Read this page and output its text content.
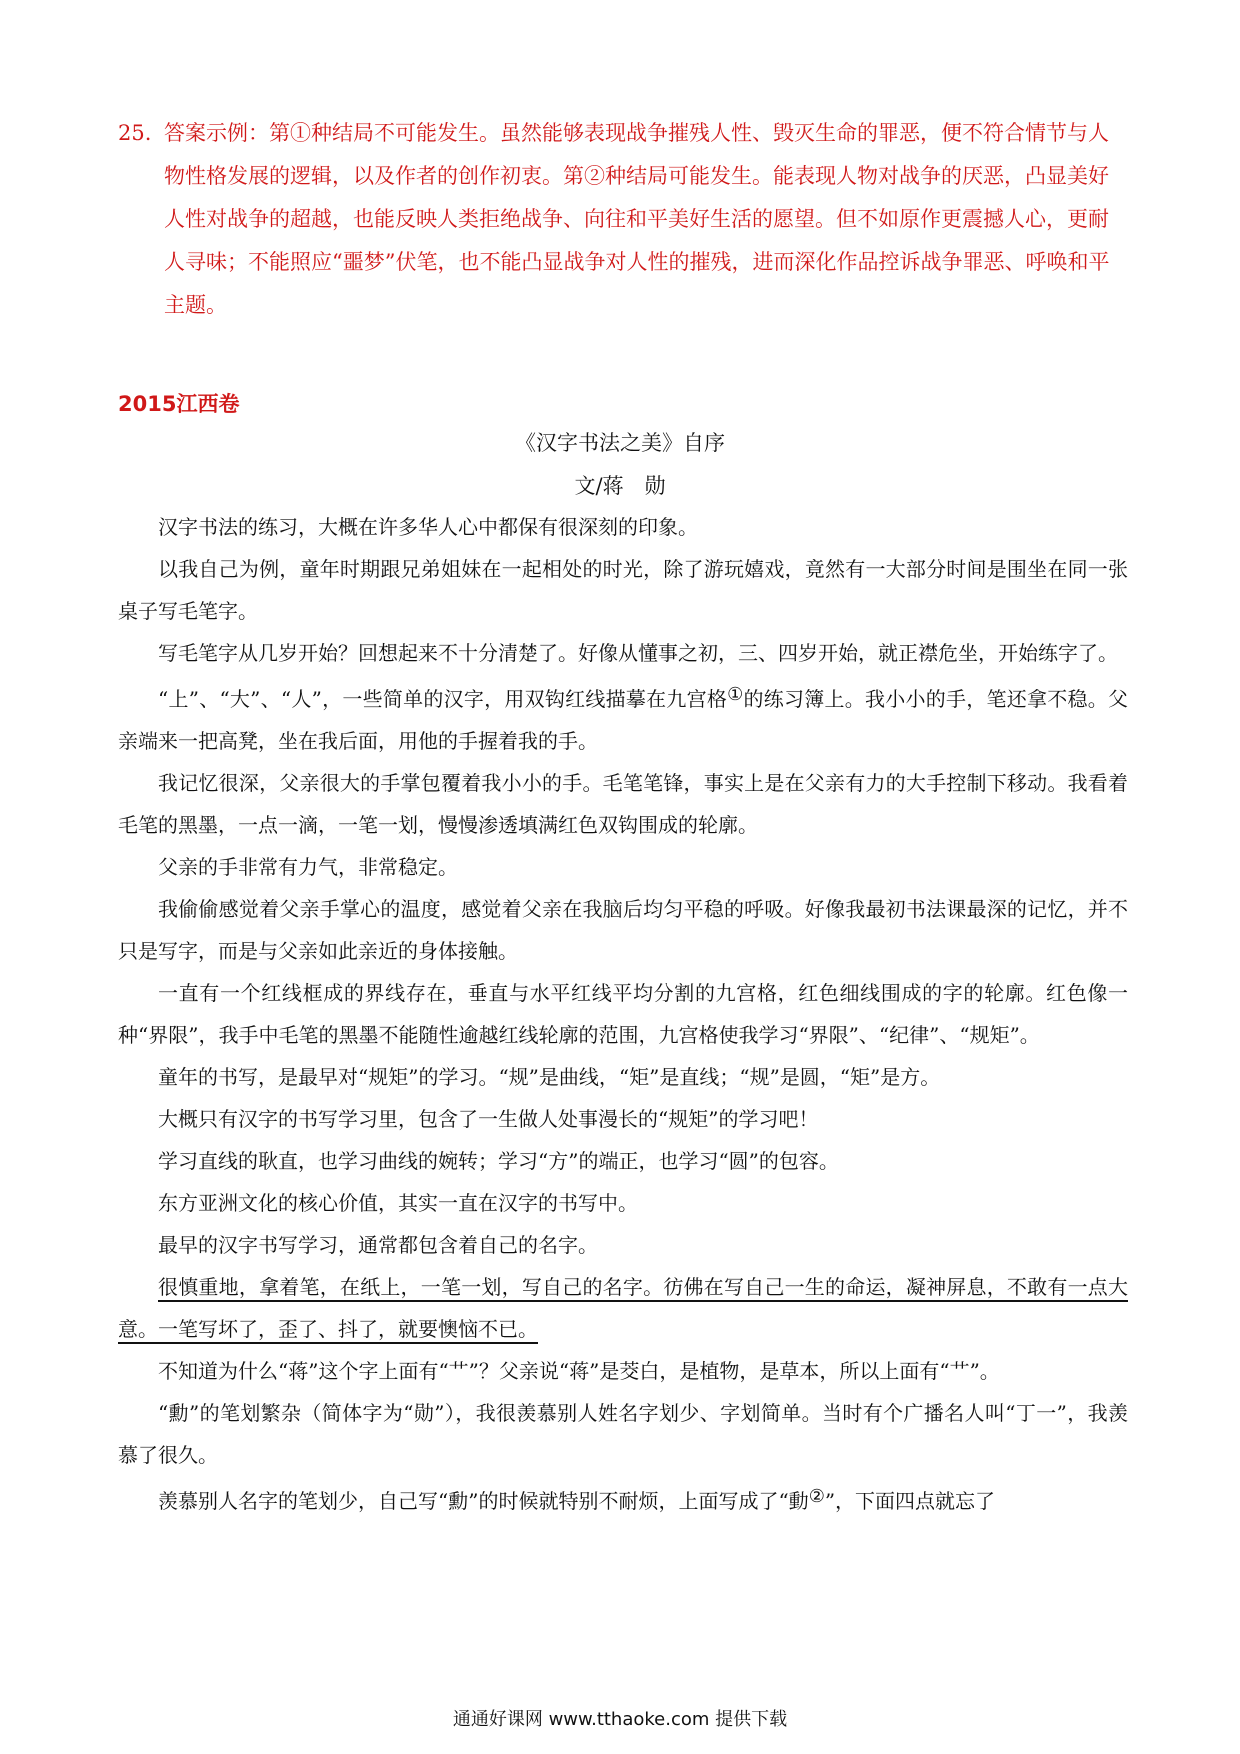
25. 答案示例：第①种结局不可能发生。虽然能够表现战争摧残人性、毁灭生命的罪恶，便不符合情节与人物性格发展的逻辑，以及作者的创作初衷。第②种结局可能发生。能表现人物对战争的厌恶，凸显美好人性对战争的超越，也能反映人类拒绝战争、向往和平美好生活的愿望。但不如原作更震撼人心，更耐人寻味；不能照应“噩梦”伏笔，也不能凸显战争对人性的摧残，进而深化作品控诉战争罪恶、呼唤和平主题。
2015江西卷
《汉字书法之美》自序
文/蒋　勋

汉字书法的练习，大概在许多华人心中都保有很深刻的印象。

以我自己为例，童年时期跟兄弟姐妹在一起相处的时光，除了游玩嬉戏，竟然有一大部分时间是围坐在同一张桌子写毛笔字。

写毛笔字从几岁开始？回想起来不十分清楚了。好像从懂事之初，三、四岁开始，就正襟危坐，开始练字了。

“上”、“大”、“人”，一些简单的汉字，用双钩红线描摹在九宫格①的练习簿上。我小小的手，笔还拿不稳。父亲端来一把高凳，坐在我后面，用他的手握着我的手。

我记忆很深，父亲很大的手掌包覆着我小小的手。毛笔笔锋，事实上是在父亲有力的大手控制下移动。我看着毛笔的黑墨，一点一滴，一笔一划，慢慢渗透填满红色双钩围成的轮廓。

父亲的手非常有力气，非常稳定。

我偷偷感觉着父亲手掌心的温度，感觉着父亲在我脑后均匀平稳的呼吸。好像我最初书法课最深的记忆，并不只是写字，而是与父亲如此亲近的身体接触。

一直有一个红线框成的界线存在，垂直与水平红线平均分割的九宫格，红色细线围成的字的轮廓。红色像一种“界限”，我手中毛笔的黑墨不能随性逾越红线轮廓的范围，九宫格使我学习“界限”、“纪律”、“规矩”。

童年的书写，是最早对“规矩”的学习。“规”是曲线，“矩”是直线；“规”是圆，“矩”是方。

大概只有汉字的书写学习里，包含了一生做人处事漫长的“规矩”的学习吧！

学习直线的耿直，也学习曲线的婉转；学习“方”的端正，也学习“圆”的包容。

东方亚洲文化的核心价值，其实一直在汉字的书写中。

最早的汉字书写学习，通常都包含着自己的名字。

很慎重地，拿着笔，在纸上，一笔一划，写自己的名字。彷佛在写自己一生的命运，凝神屏息，不敢有一点大意。一笔写坏了，歪了、抖了，就要懊恼不已。

不知道为什么“蒋”这个字上面有“艹”？父亲说“蒋”是茭白，是植物，是草本，所以上面有“艹”。

“勳”的笔划繁杂（简体字为“勋”），我很羡慕别人姓名字划少、字划简单。当时有个广播名人叫“丁一”，我羡慕了很久。

羡慕别人名字的笔划少，自己写“勳”的时候就特别不耐烦，上面写成了“動②”，下面四点就忘了

通通好课网 www.tthaoke.com 提供下载
